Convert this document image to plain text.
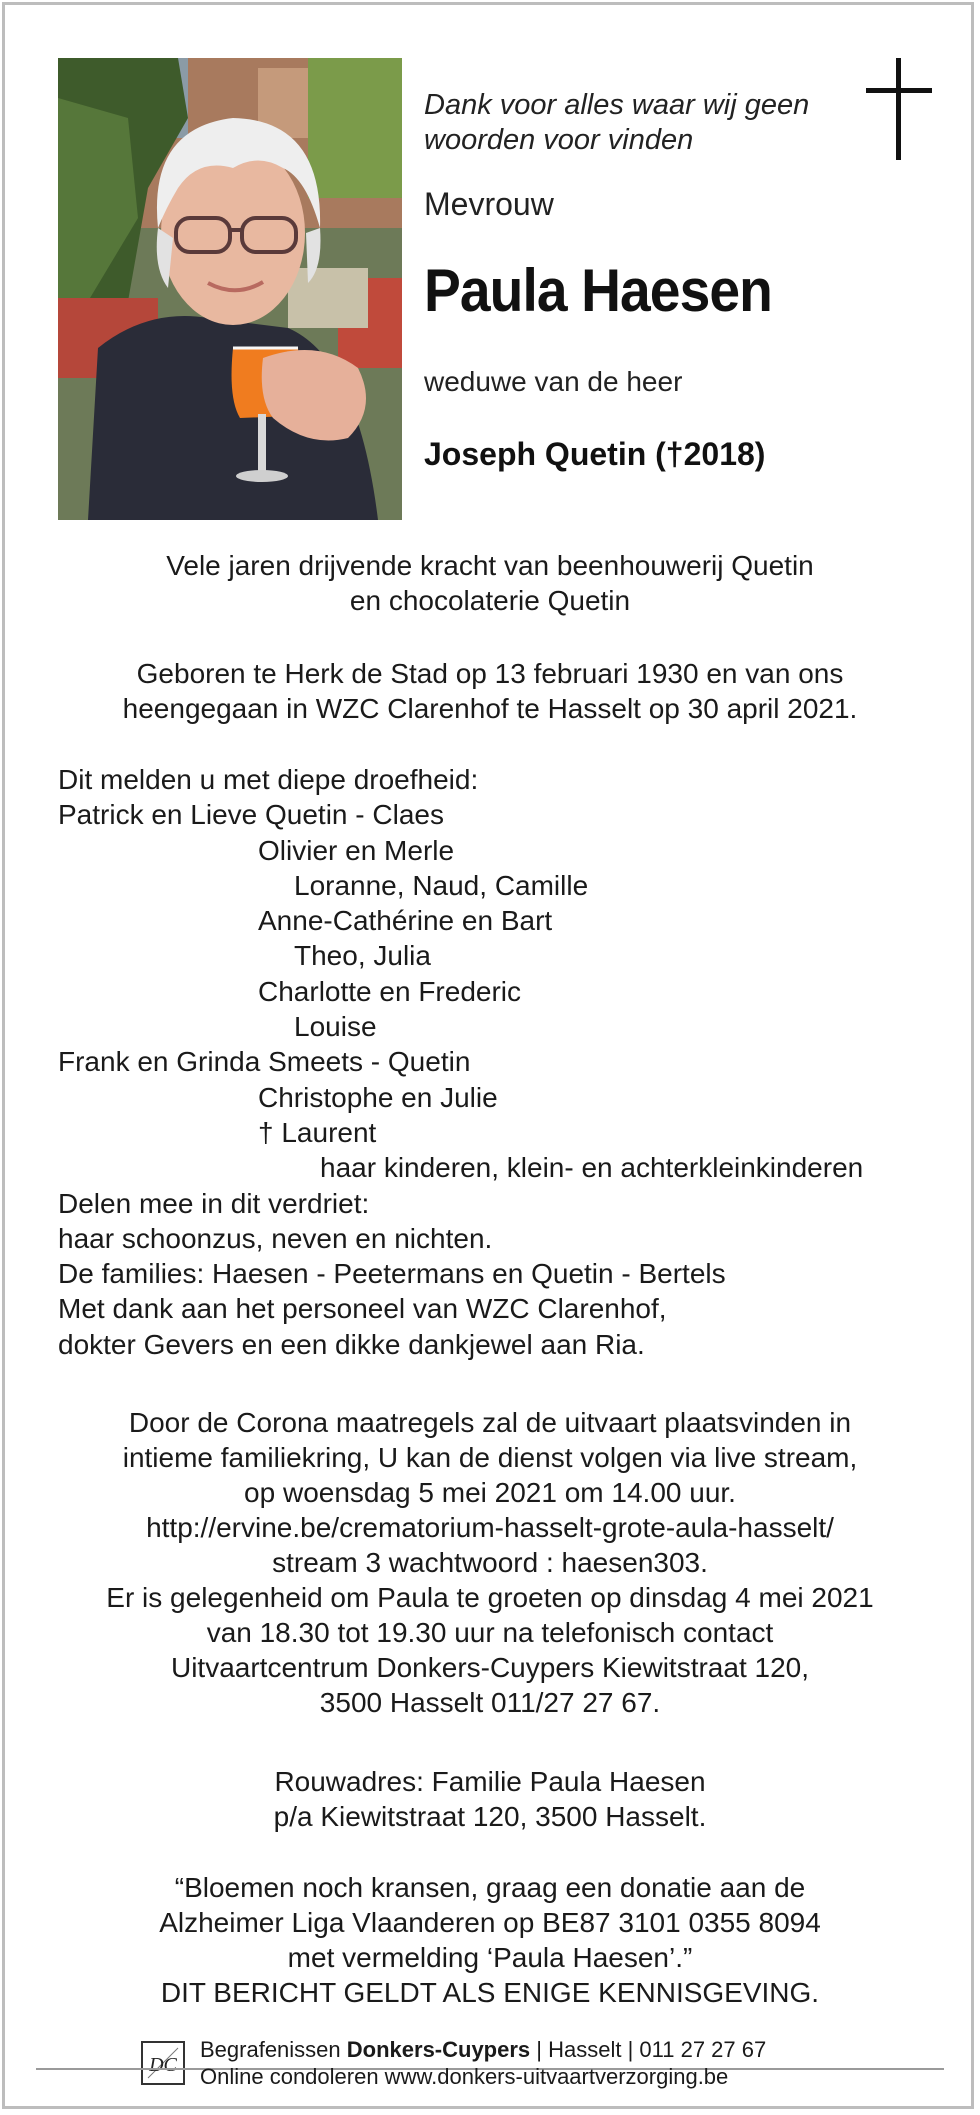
Dank voor alles waar wij geen
woorden voor vinden
Mevrouw
Paula Haesen
weduwe van de heer
Joseph Quetin (†2018)
Vele jaren drijvende kracht van beenhouwerij Quetin
en chocolaterie Quetin
Geboren te Herk de Stad op 13 februari 1930 en van ons
heengegaan in WZC Clarenhof te Hasselt op 30 april 2021.
Dit melden u met diepe droefheid:
Patrick en Lieve Quetin - Claes
Olivier en Merle
Loranne, Naud, Camille
Anne-Cathérine en Bart
Theo, Julia
Charlotte en Frederic
Louise
Frank en Grinda Smeets - Quetin
Christophe en Julie
† Laurent
haar kinderen, klein- en achterkleinkinderen
Delen mee in dit verdriet:
haar schoonzus, neven en nichten.
De families: Haesen - Peetermans en Quetin - Bertels
Met dank aan het personeel van WZC Clarenhof,
dokter Gevers en een dikke dankjewel aan Ria.
Door de Corona maatregels zal de uitvaart plaatsvinden in
intieme familiekring, U kan de dienst volgen via live stream,
op woensdag 5 mei 2021 om 14.00 uur.
http://ervine.be/crematorium-hasselt-grote-aula-hasselt/
stream 3 wachtwoord : haesen303.
Er is gelegenheid om Paula te groeten op dinsdag 4 mei 2021
van 18.30 tot 19.30 uur na telefonisch contact
Uitvaartcentrum Donkers-Cuypers Kiewitstraat 120,
3500 Hasselt 011/27 27 67.
Rouwadres: Familie Paula Haesen
p/a Kiewitstraat 120, 3500 Hasselt.
“Bloemen noch kransen, graag een donatie aan de
Alzheimer Liga Vlaanderen op BE87 3101 0355 8094
met vermelding ‘Paula Haesen’.”
DIT BERICHT GELDT ALS ENIGE KENNISGEVING.
DC
Begrafenissen Donkers-Cuypers | Hasselt | 011 27 27 67
Online condoleren www.donkers-uitvaartverzorging.be
